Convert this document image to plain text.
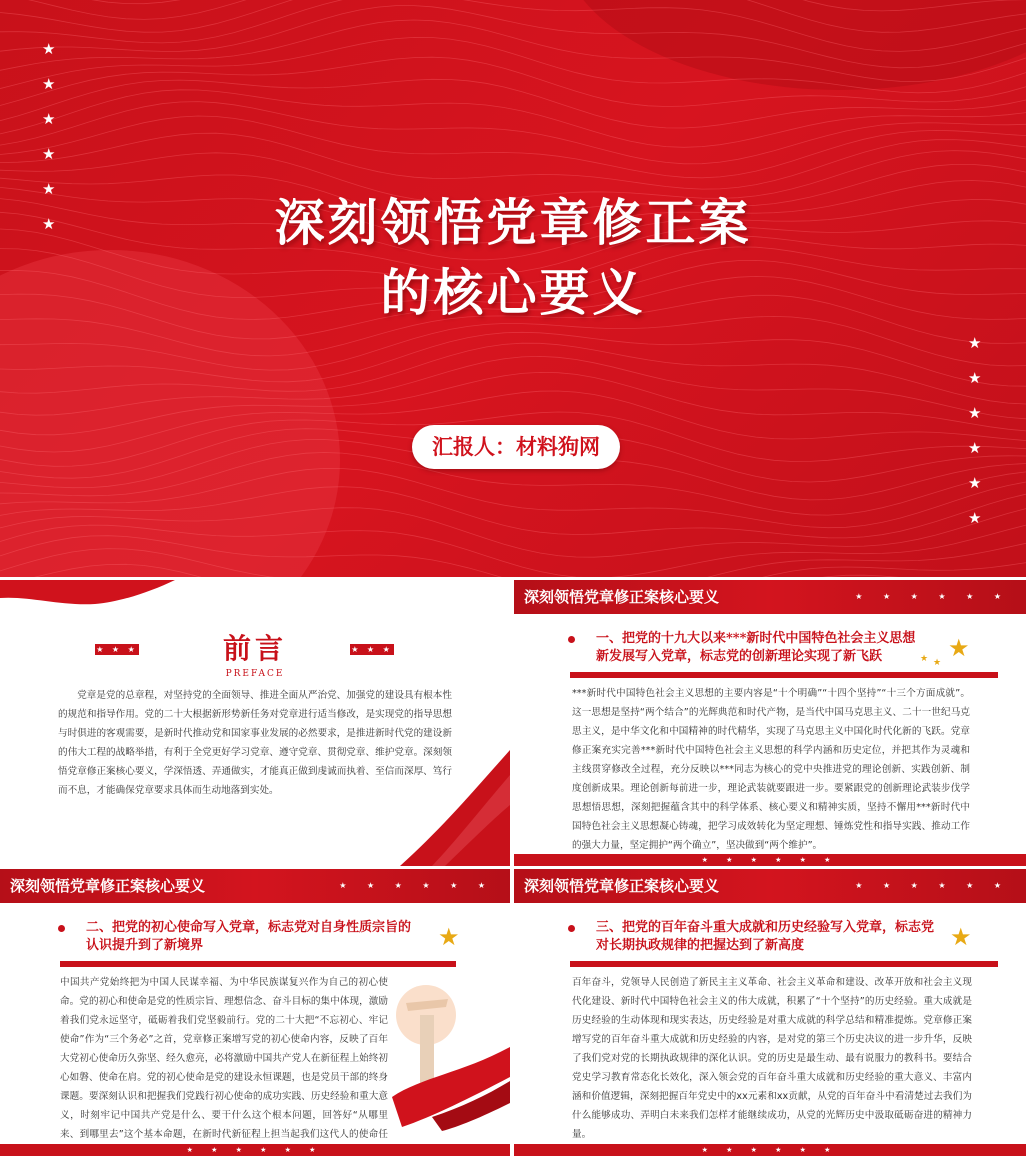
★
★
★
★
★
★
★
★
★
★
★
★
深刻领悟党章修正案
的核心要义
汇报人：材料狗网
★ ★ ★	★ ★ ★
前言
PREFACE
党章是党的总章程，对坚持党的全面领导、推进全面从严治党、加强党的建设具有根本性的规范和指导作用。党的二十大根据新形势新任务对党章进行适当修改，是实现党的指导思想与时俱进的客观需要，是新时代推动党和国家事业发展的必然要求，是推进新时代党的建设新的伟大工程的战略举措，有利于全党更好学习党章、遵守党章、贯彻党章、维护党章。深刻领悟党章修正案核心要义，学深悟透、弄通做实，才能真正做到虔诚而执着、至信而深厚、笃行而不息，才能确保党章要求具体而生动地落到实处。
深刻领悟党章修正案核心要义	★ ★ ★ ★ ★ ★
一、把党的十九大以来***新时代中国特色社会主义思想新发展写入党章，标志党的创新理论实现了新飞跃	★
★ ★
***新时代中国特色社会主义思想的主要内容是“十个明确”“十四个坚持”“十三个方面成就”。这一思想是坚持“两个结合”的光辉典范和时代产物，是当代中国马克思主义、二十一世纪马克思主义，是中华文化和中国精神的时代精华，实现了马克思主义中国化时代化新的飞跃。党章修正案充实完善***新时代中国特色社会主义思想的科学内涵和历史定位，并把其作为灵魂和主线贯穿修改全过程，充分反映以***同志为核心的党中央推进党的理论创新、实践创新、制度创新成果。理论创新每前进一步，理论武装就要跟进一步。要紧跟党的创新理论武装步伐学思想悟思想，深刻把握蕴含其中的科学体系、核心要义和精神实质，坚持不懈用***新时代中国特色社会主义思想凝心铸魂，把学习成效转化为坚定理想、锤炼党性和指导实践、推动工作的强大力量，坚定拥护“两个确立”，坚决做到“两个维护”。
★ ★ ★ ★ ★ ★
深刻领悟党章修正案核心要义	★ ★ ★ ★ ★ ★
二、把党的初心使命写入党章，标志党对自身性质宗旨的认识提升到了新境界	★
中国共产党始终把为中国人民谋幸福、为中华民族谋复兴作为自己的初心使命。党的初心和使命是党的性质宗旨、理想信念、奋斗目标的集中体现，激励着我们党永远坚守，砥砺着我们党坚毅前行。党的二十大把“不忘初心、牢记使命”作为“三个务必”之首，党章修正案增写党的初心使命内容，反映了百年大党初心使命历久弥坚、经久愈亮，必将激励中国共产党人在新征程上始终初心如磐、使命在肩。党的初心使命是党的建设永恒课题，也是党员干部的终身课题。要深刻认识和把握我们党践行初心使命的成功实践、历史经验和重大意义，时刻牢记中国共产党是什么、要干什么这个根本问题，回答好“从哪里来、到哪里去”这个基本命题，在新时代新征程上担当起我们这代人的使命任
★ ★ ★ ★ ★ ★
深刻领悟党章修正案核心要义	★ ★ ★ ★ ★ ★
三、把党的百年奋斗重大成就和历史经验写入党章，标志党对长期执政规律的把握达到了新高度	★
百年奋斗，党领导人民创造了新民主主义革命、社会主义革命和建设、改革开放和社会主义现代化建设、新时代中国特色社会主义的伟大成就，积累了“十个坚持”的历史经验。重大成就是历史经验的生动体现和现实表达，历史经验是对重大成就的科学总结和精准提炼。党章修正案增写党的百年奋斗重大成就和历史经验的内容，是对党的第三个历史决议的进一步升华，反映了我们党对党的长期执政规律的深化认识。党的历史是最生动、最有说服力的教科书。要结合党史学习教育常态化长效化，深入领会党的百年奋斗重大成就和历史经验的重大意义、丰富内涵和价值逻辑，深刻把握百年党史中的xx元素和xx贡献，从党的百年奋斗中看清楚过去我们为什么能够成功、弄明白未来我们怎样才能继续成功，从党的光辉历史中汲取砥砺奋进的精神力量。
★ ★ ★ ★ ★ ★
